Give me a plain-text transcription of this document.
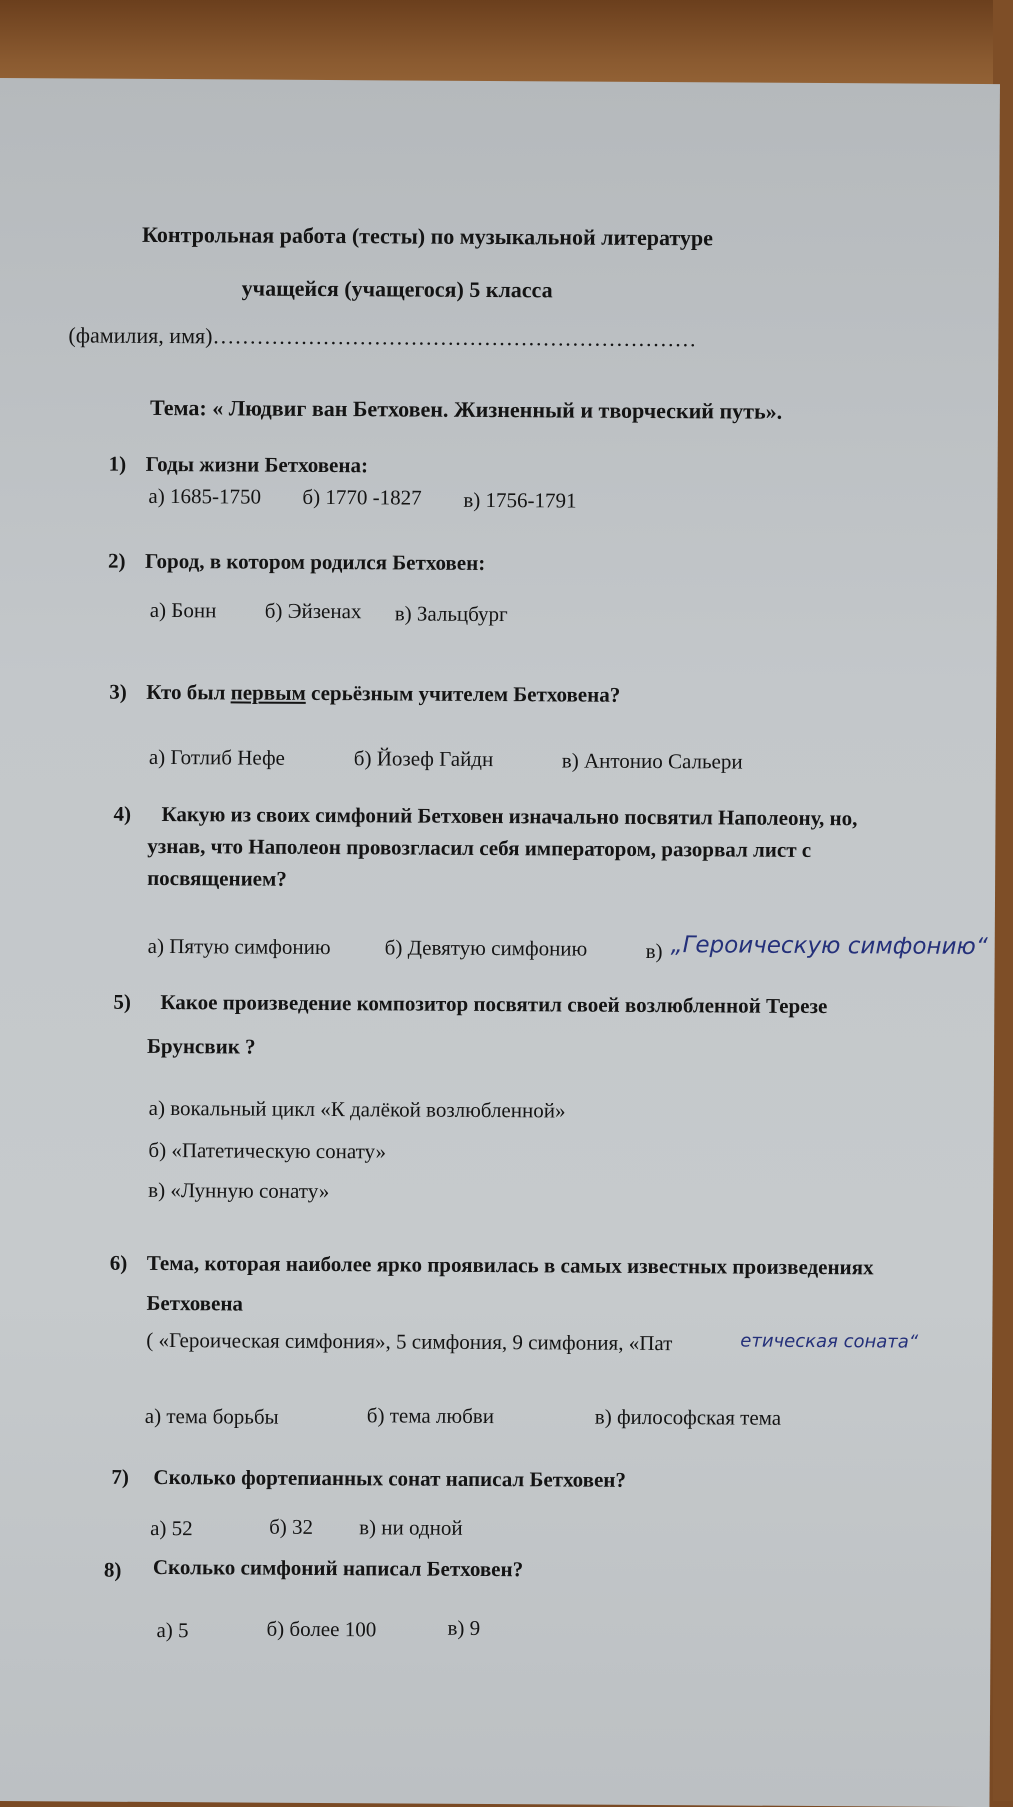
Контрольная работа (тесты) по музыкальной литературе

учащейся (учащегося) 5 класса

(фамилия, имя)…………………………………………………………

Тема: « Людвиг ван Бетховен. Жизненный и творческий путь».

1) Годы жизни Бетховена:

а) 1685-1750 б) 1770 -1827 в) 1756-1791

2) Город, в котором родился Бетховен:

а) Бонн б) Эйзенах в) Зальцбург

3) Кто был первым серьёзным учителем Бетховена?

а) Готлиб Нефе	б) Йозеф Гайдн	в) Антонио Сальери

4) Какую из своих симфоний Бетховен изначально посвятил Наполеону, но,

узнав, что Наполеон провозгласил себя императором, разорвал лист с

посвящением?

а) Пятую симфонию	б) Девятую симфонию	в) „Героическую симфонию“

5) Какое произведение композитор посвятил своей возлюбленной Терезе

Брунсвик ?

а) вокальный цикл «К далёкой возлюбленной»

б) «Патетическую сонату»

в) «Лунную сонату»

6) Тема, которая наиболее ярко проявилась в самых известных произведениях

Бетховена

( «Героическая симфония», 5 симфония, 9 симфония, «Пат	етическая соната“

а) тема борьбы	б) тема любви	в) философская тема

7) Сколько фортепианных сонат написал Бетховен?

а) 52	б) 32 в) ни одной

8) Сколько симфоний написал Бетховен?

а) 5	б) более 100	в) 9
